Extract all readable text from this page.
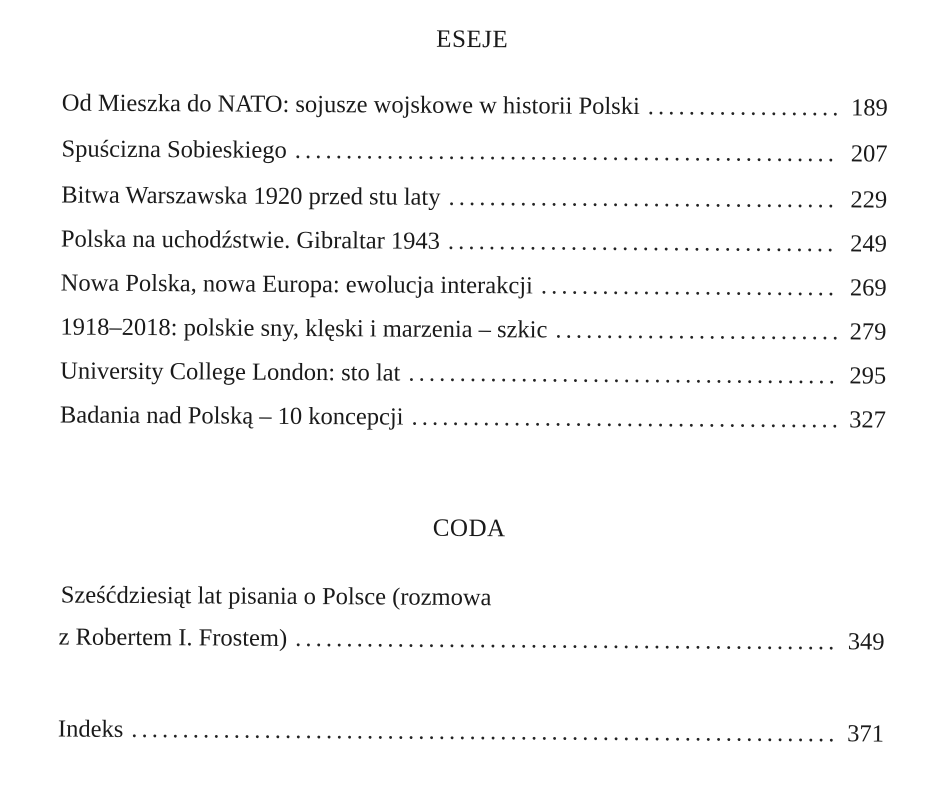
ESEJE
Od Mieszka do NATO: sojusze wojskowe w historii Polski . . .	189
Spuścizna Sobieskiego . . .	207
Bitwa Warszawska 1920 przed stu laty . . .	229
Polska na uchodźstwie. Gibraltar 1943 . . .	249
Nowa Polska, nowa Europa: ewolucja interakcji . . .	269
1918–2018: polskie sny, klęski i marzenia – szkic . . .	279
University College London: sto lat . . .	295
Badania nad Polską – 10 koncepcji . . .	327
CODA
Sześćdziesiąt lat pisania o Polsce (rozmowa
z Robertem I. Frostem) . . .	349
Indeks . . .	371
